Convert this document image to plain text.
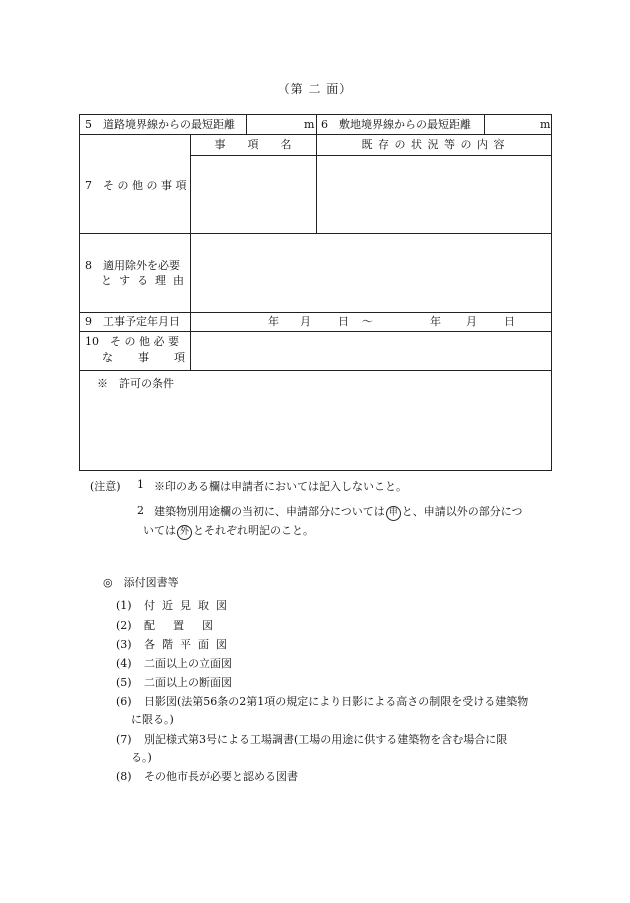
（第 二 面）
5　道路境界線からの最短距離	m 6　敷地境界線からの最短距離	m
事　　項　　名	既 存 の 状 況 等 の 内 容
7　そ の 他 の 事 項
8　適用除外を必要
とする理由
9　工事予定年月日	年 月 日 〜	年 月 日
10　そ の 他 必 要
な　事　項
※　許可の条件
(注意) 1 ※印のある欄は申請者においては記入しないこと。
2 建築物別用途欄の当初に、申請部分については 申 と、申請以外の部分につ
いては 外 とそれぞれ明記のこと。
◎　添付図書等
(1) 付近見取図
(2) 配置図
(3) 各階平面図
(4) 二面以上の立面図
(5) 二面以上の断面図
(6) 日影図(法第56条の2第1項の規定により日影による高さの制限を受ける建築物
に限る。)
(7) 別記様式第3号による工場調書(工場の用途に供する建築物を含む場合に限
る。)
(8) その他市長が必要と認める図書
